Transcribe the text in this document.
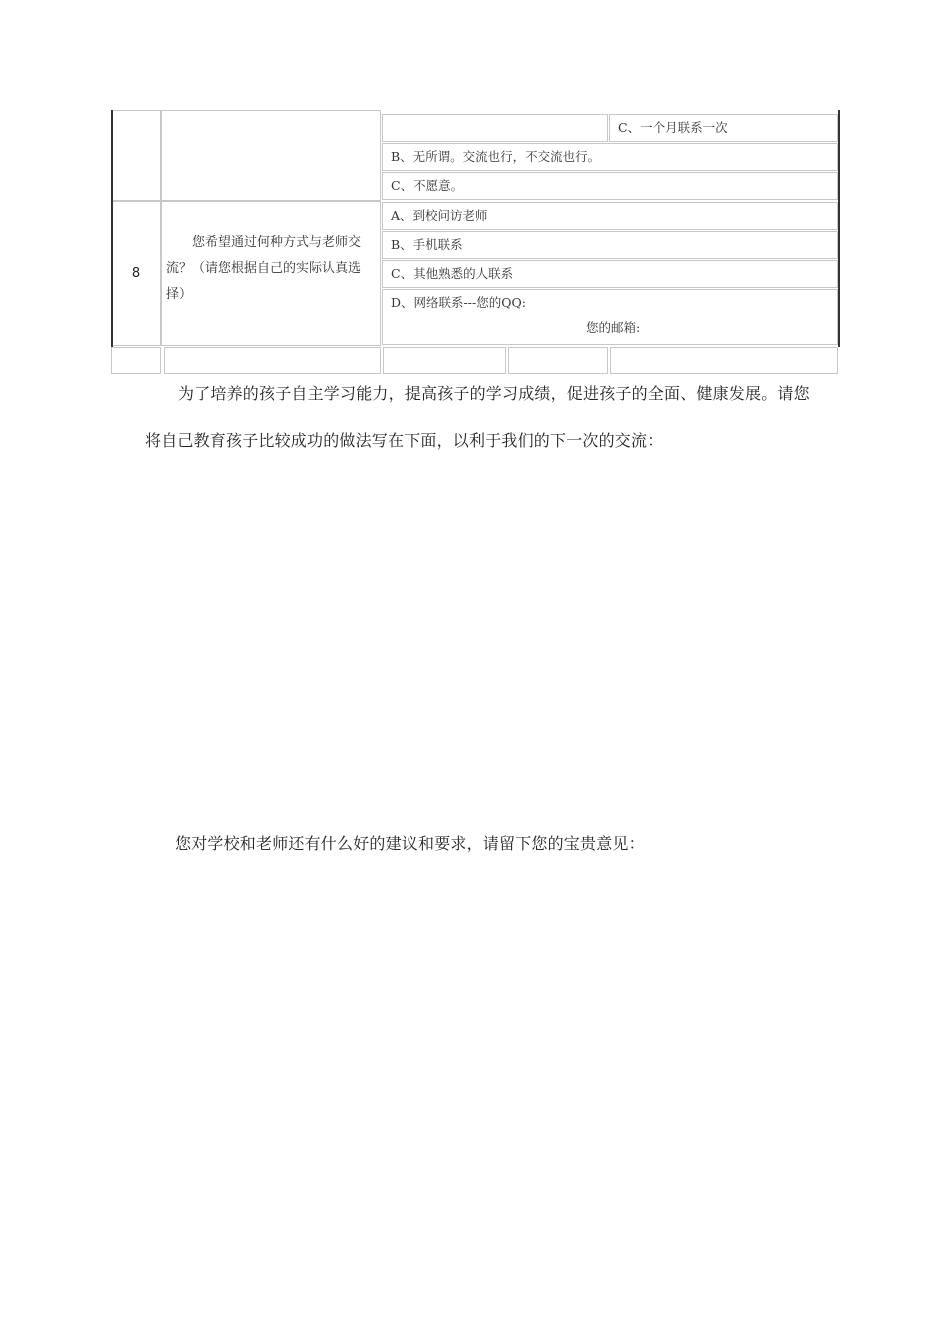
C、一个月联系一次
B、无所谓。交流也行，不交流也行。
C、不愿意。
8
您希望通过何种方式与老师交流？（请您根据自己的实际认真选择）
A、到校问访老师
B、手机联系
C、其他熟悉的人联系
D、网络联系---您的QQ:
您的邮箱:
为了培养的孩子自主学习能力，提高孩子的学习成绩，促进孩子的全面、健康发展。请您
将自己教育孩子比较成功的做法写在下面，以利于我们的下一次的交流：
您对学校和老师还有什么好的建议和要求，请留下您的宝贵意见：
